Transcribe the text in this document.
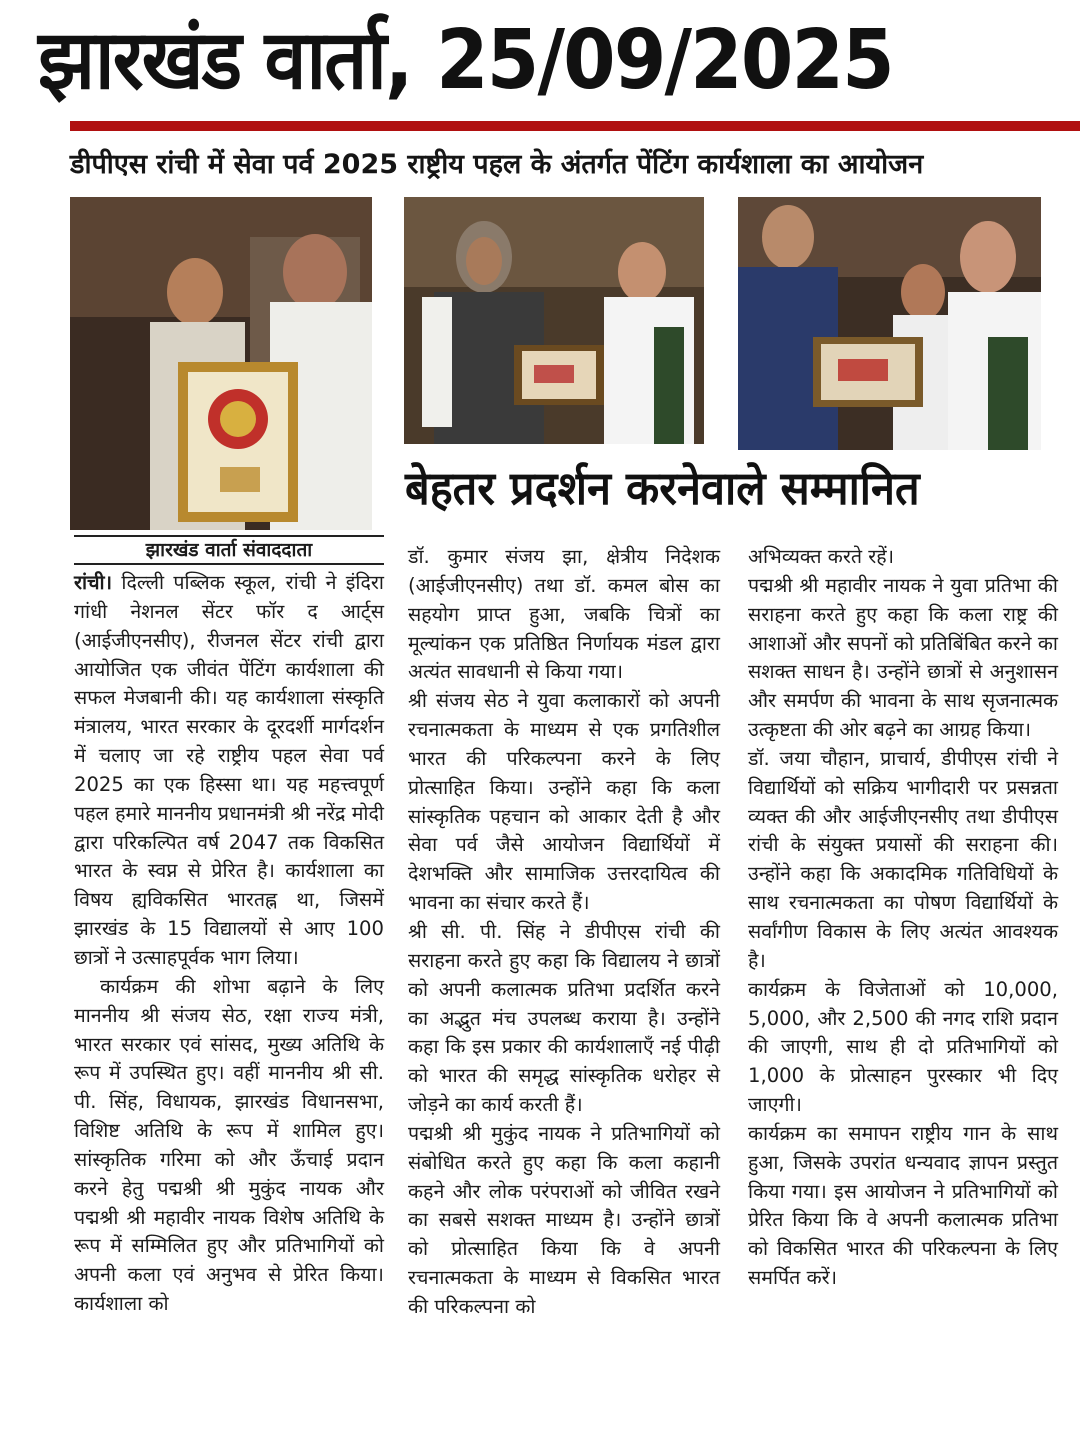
झारखंड वार्ता, 25/09/2025
डीपीएस रांची में सेवा पर्व 2025 राष्ट्रीय पहल के अंतर्गत पेंटिंग कार्यशाला का आयोजन
बेहतर प्रदर्शन करनेवाले सम्मानित
झारखंड वार्ता संवाददाता

रांची। दिल्ली पब्लिक स्कूल, रांची ने इंदिरा गांधी नेशनल सेंटर फॉर द आर्ट्स (आईजीएनसीए), रीजनल सेंटर रांची द्वारा आयोजित एक जीवंत पेंटिंग कार्यशाला की सफल मेजबानी की। यह कार्यशाला संस्कृति मंत्रालय, भारत सरकार के दूरदर्शी मार्गदर्शन में चलाए जा रहे राष्ट्रीय पहल सेवा पर्व 2025 का एक हिस्सा था। यह महत्त्वपूर्ण पहल हमारे माननीय प्रधानमंत्री श्री नरेंद्र मोदी द्वारा परिकल्पित वर्ष 2047 तक विकसित भारत के स्वप्न से प्रेरित है। कार्यशाला का विषय ह्यविकसित भारतह्न था, जिसमें झारखंड के 15 विद्यालयों से आए 100 छात्रों ने उत्साहपूर्वक भाग लिया।

कार्यक्रम की शोभा बढ़ाने के लिए माननीय श्री संजय सेठ, रक्षा राज्य मंत्री, भारत सरकार एवं सांसद, मुख्य अतिथि के रूप में उपस्थित हुए। वहीं माननीय श्री सी. पी. सिंह, विधायक, झारखंड विधानसभा, विशिष्ट अतिथि के रूप में शामिल हुए। सांस्कृतिक गरिमा को और ऊँचाई प्रदान करने हेतु पद्मश्री श्री मुकुंद नायक और पद्मश्री श्री महावीर नायक विशेष अतिथि के रूप में सम्मिलित हुए और प्रतिभागियों को अपनी कला एवं अनुभव से प्रेरित किया। कार्यशाला को

डॉ. कुमार संजय झा, क्षेत्रीय निदेशक (आईजीएनसीए) तथा डॉ. कमल बोस का सहयोग प्राप्त हुआ, जबकि चित्रों का मूल्यांकन एक प्रतिष्ठित निर्णायक मंडल द्वारा अत्यंत सावधानी से किया गया।

श्री संजय सेठ ने युवा कलाकारों को अपनी रचनात्मकता के माध्यम से एक प्रगतिशील भारत की परिकल्पना करने के लिए प्रोत्साहित किया। उन्होंने कहा कि कला सांस्कृतिक पहचान को आकार देती है और सेवा पर्व जैसे आयोजन विद्यार्थियों में देशभक्ति और सामाजिक उत्तरदायित्व की भावना का संचार करते हैं।

श्री सी. पी. सिंह ने डीपीएस रांची की सराहना करते हुए कहा कि विद्यालय ने छात्रों को अपनी कलात्मक प्रतिभा प्रदर्शित करने का अद्भुत मंच उपलब्ध कराया है। उन्होंने कहा कि इस प्रकार की कार्यशालाएँ नई पीढ़ी को भारत की समृद्ध सांस्कृतिक धरोहर से जोड़ने का कार्य करती हैं।

पद्मश्री श्री मुकुंद नायक ने प्रतिभागियों को संबोधित करते हुए कहा कि कला कहानी कहने और लोक परंपराओं को जीवित रखने का सबसे सशक्त माध्यम है। उन्होंने छात्रों को प्रोत्साहित किया कि वे अपनी रचनात्मकता के माध्यम से विकसित भारत की परिकल्पना को

अभिव्यक्त करते रहें।

पद्मश्री श्री महावीर नायक ने युवा प्रतिभा की सराहना करते हुए कहा कि कला राष्ट्र की आशाओं और सपनों को प्रतिबिंबित करने का सशक्त साधन है। उन्होंने छात्रों से अनुशासन और समर्पण की भावना के साथ सृजनात्मक उत्कृष्टता की ओर बढ़ने का आग्रह किया।

डॉ. जया चौहान, प्राचार्य, डीपीएस रांची ने विद्यार्थियों को सक्रिय भागीदारी पर प्रसन्नता व्यक्त की और आईजीएनसीए तथा डीपीएस रांची के संयुक्त प्रयासों की सराहना की। उन्होंने कहा कि अकादमिक गतिविधियों के साथ रचनात्मकता का पोषण विद्यार्थियों के सर्वांगीण विकास के लिए अत्यंत आवश्यक है।

कार्यक्रम के विजेताओं को 10,000, 5,000, और 2,500 की नगद राशि प्रदान की जाएगी, साथ ही दो प्रतिभागियों को 1,000 के प्रोत्साहन पुरस्कार भी दिए जाएगी।

कार्यक्रम का समापन राष्ट्रीय गान के साथ हुआ, जिसके उपरांत धन्यवाद ज्ञापन प्रस्तुत किया गया। इस आयोजन ने प्रतिभागियों को प्रेरित किया कि वे अपनी कलात्मक प्रतिभा को विकसित भारत की परिकल्पना के लिए समर्पित करें।
